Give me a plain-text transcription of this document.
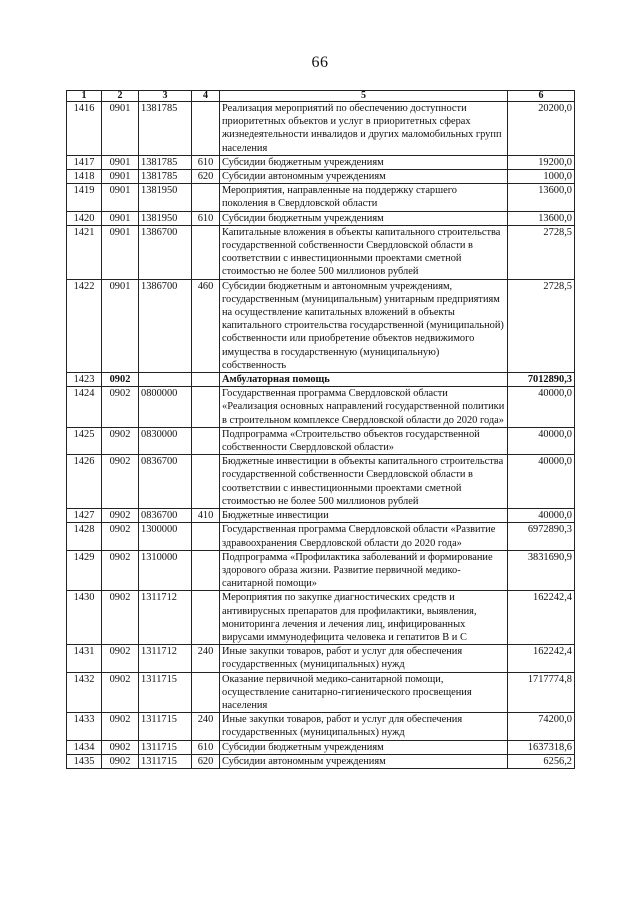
66
1	2	3	4	5	6
1416	0901	1381785		Реализация мероприятий по обеспечению доступности приоритетных объектов и услуг в приоритетных сферах жизнедеятельности инвалидов и других маломобильных групп населения	20200,0
1417	0901	1381785	610	Субсидии бюджетным учреждениям	19200,0
1418	0901	1381785	620	Субсидии автономным учреждениям	1000,0
1419	0901	1381950		Мероприятия, направленные на поддержку старшего поколения в Свердловской области	13600,0
1420	0901	1381950	610	Субсидии бюджетным учреждениям	13600,0
1421	0901	1386700		Капитальные вложения в объекты капитального строительства государственной собственности Свердловской области в соответствии с инвестиционными проектами сметной стоимостью не более 500 миллионов рублей	2728,5
1422	0901	1386700	460	Субсидии бюджетным и автономным учреждениям, государственным (муниципальным) унитарным предприятиям на осуществление капитальных вложений в объекты капитального строительства государственной (муниципальной) собственности или приобретение объектов недвижимого имущества в государственную (муниципальную) собственность	2728,5
1423	0902			Амбулаторная помощь	7012890,3
1424	0902	0800000		Государственная программа Свердловской области «Реализация основных направлений государственной политики в строительном комплексе Свердловской области до 2020 года»	40000,0
1425	0902	0830000		Подпрограмма «Строительство объектов государственной собственности Свердловской области»	40000,0
1426	0902	0836700		Бюджетные инвестиции в объекты капитального строительства государственной собственности Свердловской области в соответствии с инвестиционными проектами сметной стоимостью не более 500 миллионов рублей	40000,0
1427	0902	0836700	410	Бюджетные инвестиции	40000,0
1428	0902	1300000		Государственная программа Свердловской области «Развитие здравоохранения Свердловской области до 2020 года»	6972890,3
1429	0902	1310000		Подпрограмма «Профилактика заболеваний и формирование здорового образа жизни. Развитие первичной медико-санитарной помощи»	3831690,9
1430	0902	1311712		Мероприятия по закупке диагностических средств и антивирусных препаратов для профилактики, выявления, мониторинга лечения и лечения лиц, инфицированных вирусами иммунодефицита человека и гепатитов В и С	162242,4
1431	0902	1311712	240	Иные закупки товаров, работ и услуг для обеспечения государственных (муниципальных) нужд	162242,4
1432	0902	1311715		Оказание первичной медико-санитарной помощи, осуществление санитарно-гигиенического просвещения населения	1717774,8
1433	0902	1311715	240	Иные закупки товаров, работ и услуг для обеспечения государственных (муниципальных) нужд	74200,0
1434	0902	1311715	610	Субсидии бюджетным учреждениям	1637318,6
1435	0902	1311715	620	Субсидии автономным учреждениям	6256,2
